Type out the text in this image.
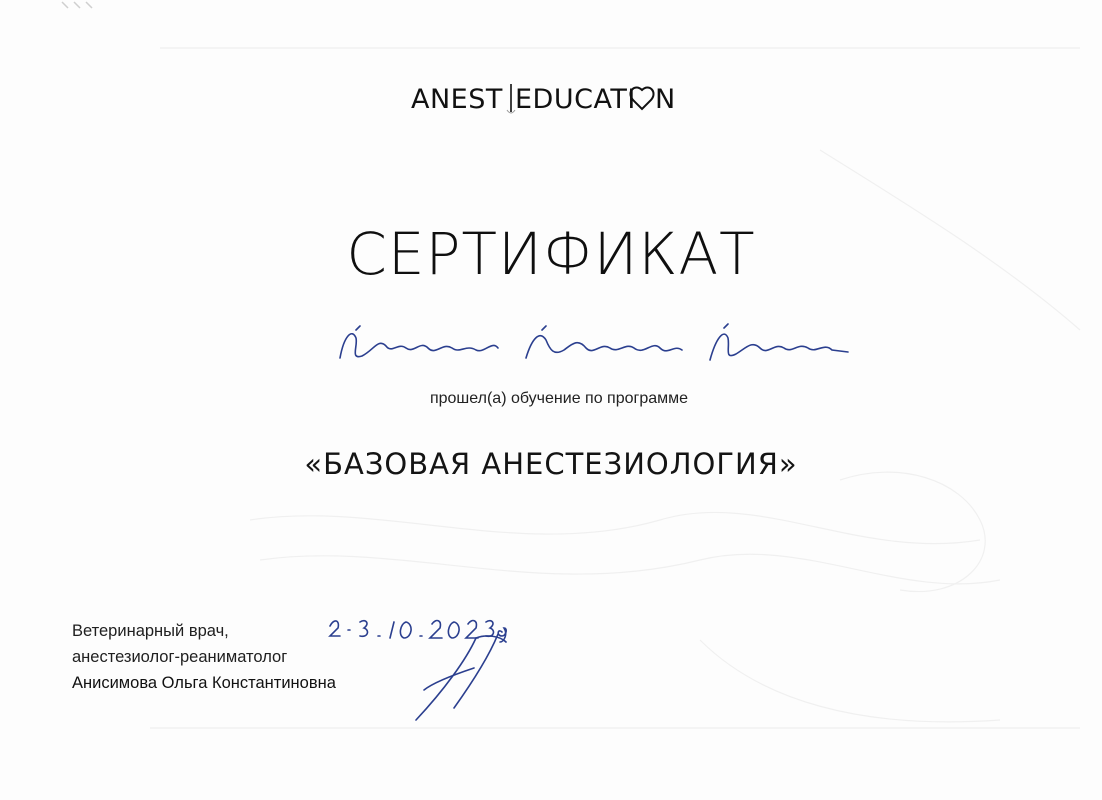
ANEST EDUCATI N
СЕРТИФИКАТ
прошел(а) обучение по программе
«БАЗОВАЯ АНЕСТЕЗИОЛОГИЯ»
Ветеринарный врач,
анестезиолог-реаниматолог
Анисимова Ольга Константиновна
